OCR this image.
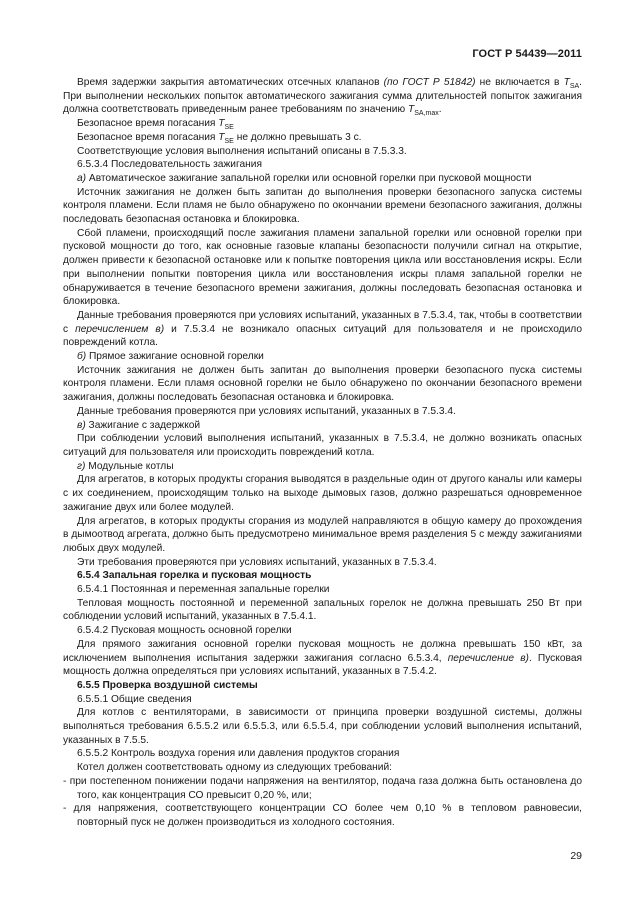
ГОСТ Р 54439—2011

Время задержки закрытия автоматических отсечных клапанов (по ГОСТ Р 51842) не включается в $T_{SA}$. При выполнении нескольких попыток автоматического зажигания сумма длительностей попыток зажигания должна соответствовать приведенным ранее требованиям по значению $T_{SA,max}$.

Безопасное время погасания $T_{SE}$

Безопасное время погасания $T_{SE}$ не должно превышать 3 с.

Соответствующие условия выполнения испытаний описаны в 7.5.3.3.

6.5.3.4 Последовательность зажигания

а) Автоматическое зажигание запальной горелки или основной горелки при пусковой мощности

Источник зажигания не должен быть запитан до выполнения проверки безопасного запуска системы контроля пламени. Если пламя не было обнаружено по окончании времени безопасного зажигания, должны последовать безопасная остановка и блокировка.

Сбой пламени, происходящий после зажигания пламени запальной горелки или основной горелки при пусковой мощности до того, как основные газовые клапаны безопасности получили сигнал на открытие, должен привести к безопасной остановке или к попытке повторения цикла или восстановления искры. Если при выполнении попытки повторения цикла или восстановления искры пламя запальной горелки не обнаруживается в течение безопасного времени зажигания, должны последовать безопасная остановка и блокировка.

Данные требования проверяются при условиях испытаний, указанных в 7.5.3.4, так, чтобы в соответствии с перечислением в) и 7.5.3.4 не возникало опасных ситуаций для пользователя и не происходило повреждений котла.

б) Прямое зажигание основной горелки

Источник зажигания не должен быть запитан до выполнения проверки безопасного пуска системы контроля пламени. Если пламя основной горелки не было обнаружено по окончании безопасного времени зажигания, должны последовать безопасная остановка и блокировка.

Данные требования проверяются при условиях испытаний, указанных в 7.5.3.4.

в) Зажигание с задержкой

При соблюдении условий выполнения испытаний, указанных в 7.5.3.4, не должно возникать опасных ситуаций для пользователя или происходить повреждений котла.

г) Модульные котлы

Для агрегатов, в которых продукты сгорания выводятся в раздельные один от другого каналы или камеры с их соединением, происходящим только на выходе дымовых газов, должно разрешаться одновременное зажигание двух или более модулей.

Для агрегатов, в которых продукты сгорания из модулей направляются в общую камеру до прохождения в дымоотвод агрегата, должно быть предусмотрено минимальное время разделения 5 с между зажиганиями любых двух модулей.

Эти требования проверяются при условиях испытаний, указанных в 7.5.3.4.

6.5.4 Запальная горелка и пусковая мощность

6.5.4.1 Постоянная и переменная запальные горелки

Тепловая мощность постоянной и переменной запальных горелок не должна превышать 250 Вт при соблюдении условий испытаний, указанных в 7.5.4.1.

6.5.4.2 Пусковая мощность основной горелки

Для прямого зажигания основной горелки пусковая мощность не должна превышать 150 кВт, за исключением выполнения испытания задержки зажигания согласно 6.5.3.4, перечисление в). Пусковая мощность должна определяться при условиях испытаний, указанных в 7.5.4.2.

6.5.5 Проверка воздушной системы

6.5.5.1 Общие сведения

Для котлов с вентиляторами, в зависимости от принципа проверки воздушной системы, должны выполняться требования 6.5.5.2 или 6.5.5.3, или 6.5.5.4, при соблюдении условий выполнения испытаний, указанных в 7.5.5.

6.5.5.2 Контроль воздуха горения или давления продуктов сгорания

Котел должен соответствовать одному из следующих требований:

- при постепенном понижении подачи напряжения на вентилятор, подача газа должна быть остановлена до того, как концентрация СО превысит 0,20 %, или;

- для напряжения, соответствующего концентрации СО более чем 0,10 % в тепловом равновесии, повторный пуск не должен производиться из холодного состояния.

29
